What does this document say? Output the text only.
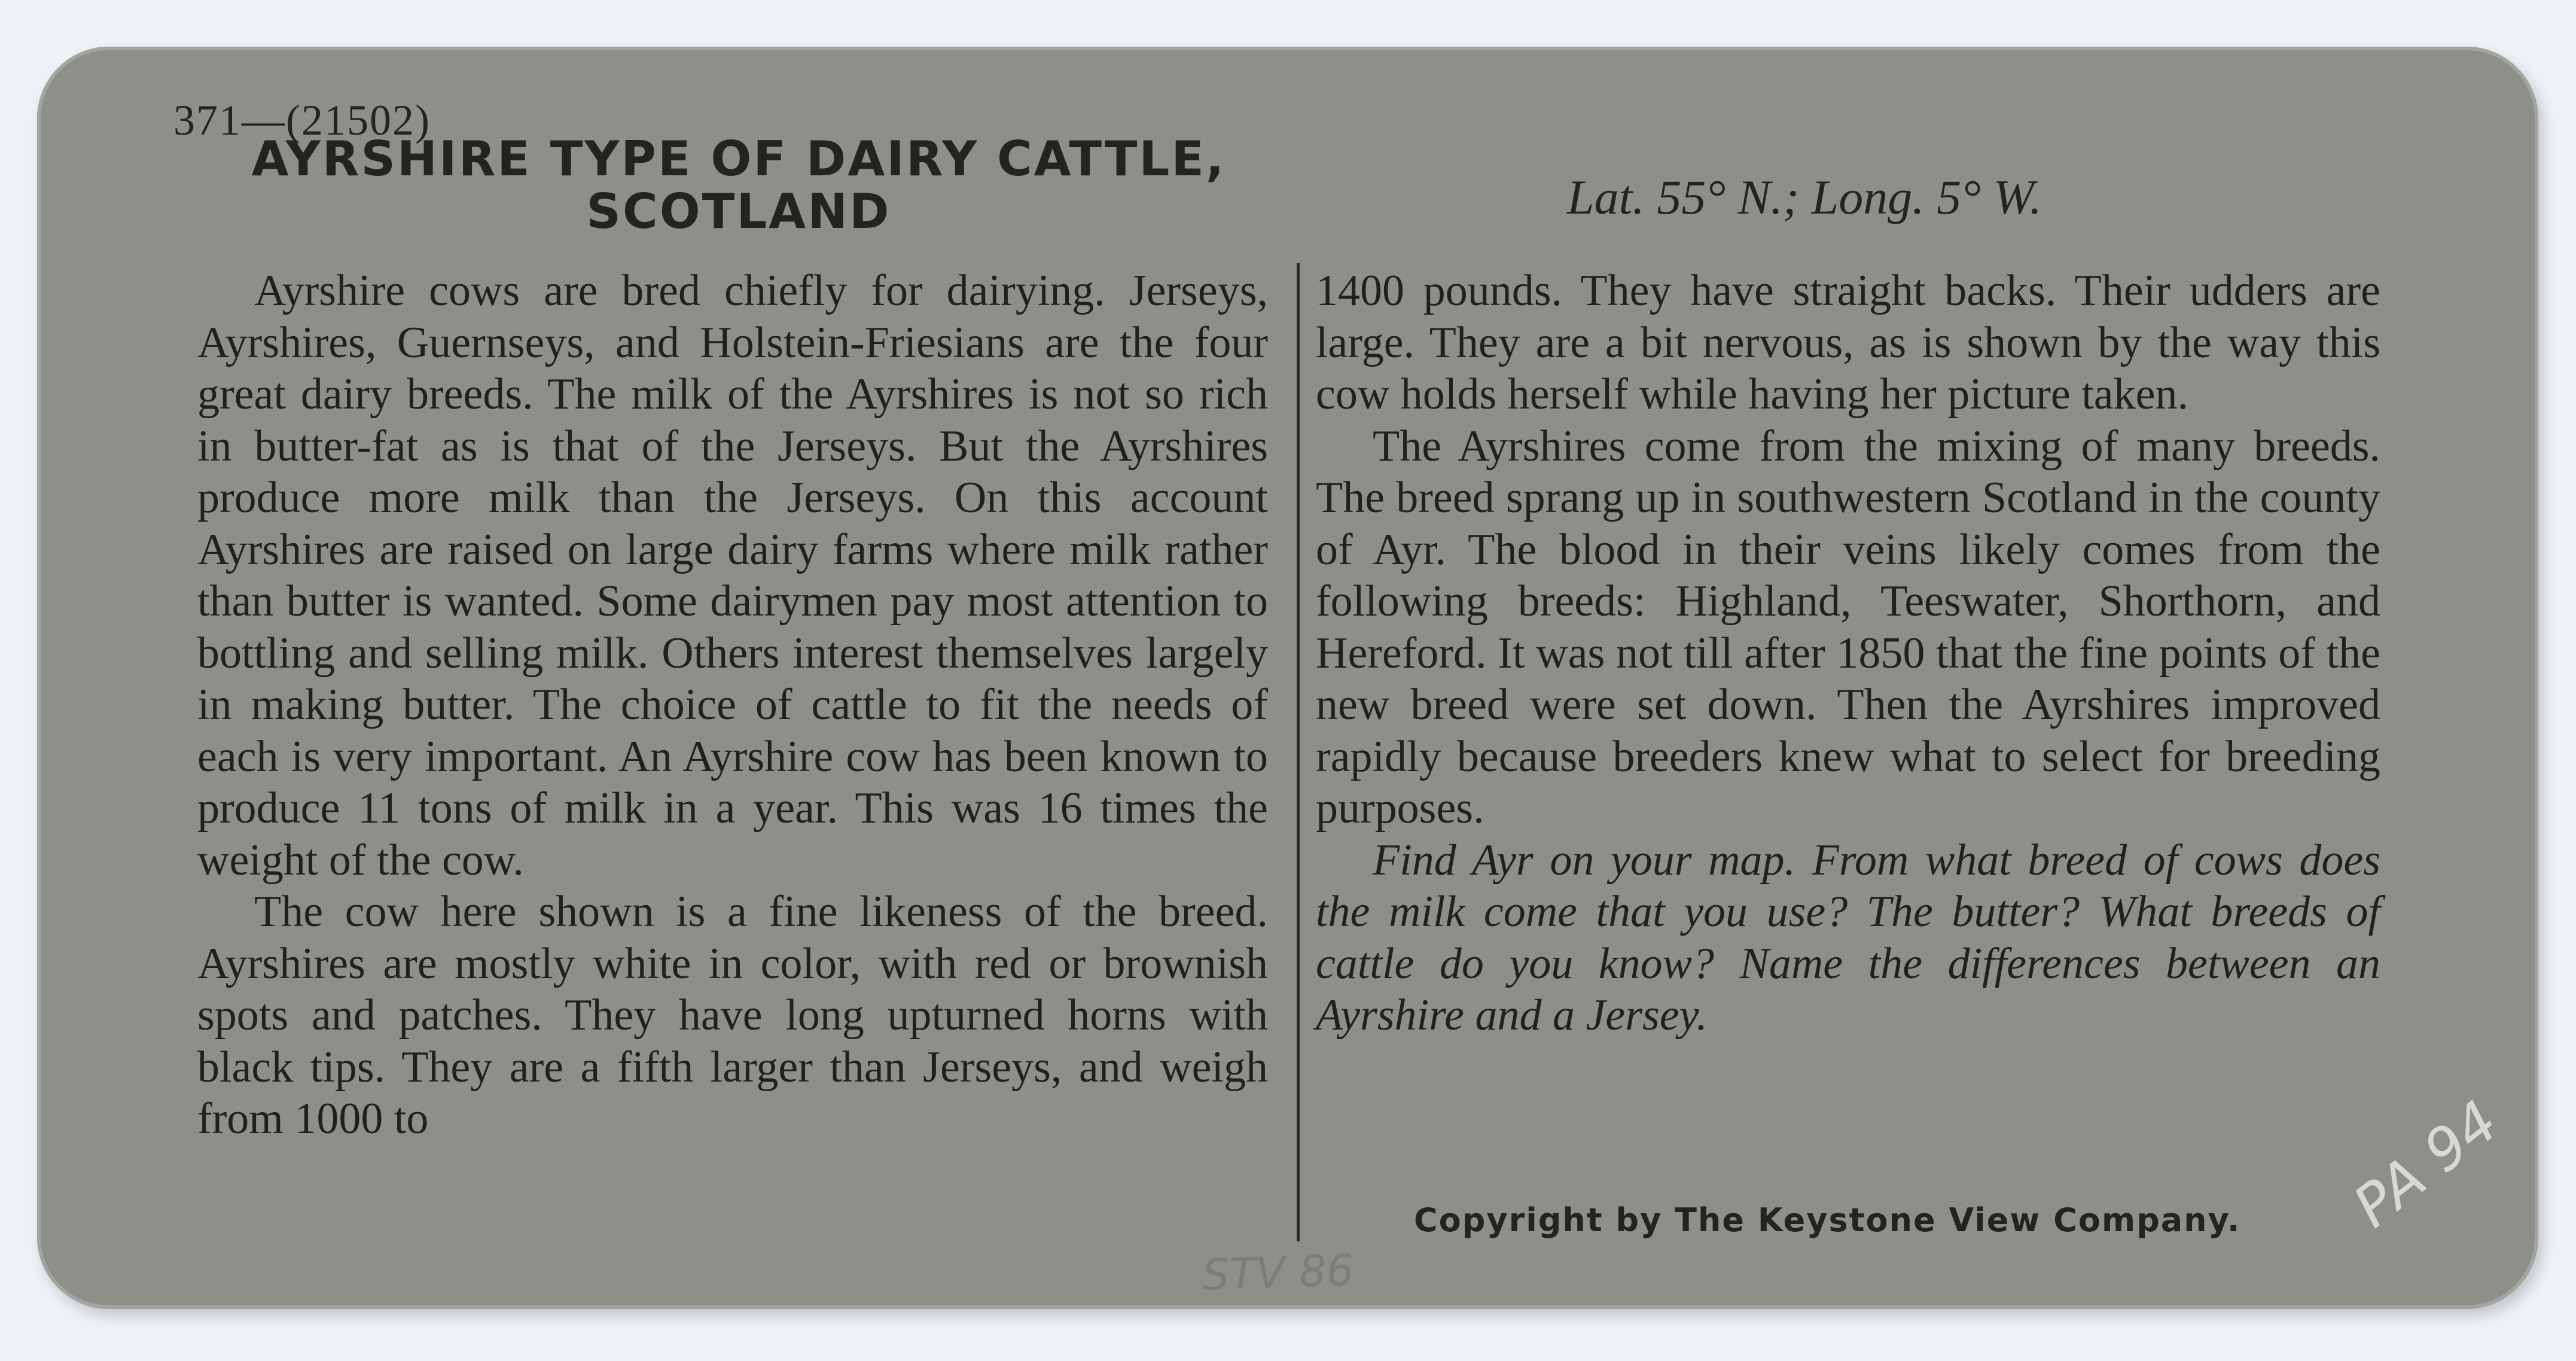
371—(21502)
AYRSHIRE TYPE OF DAIRY CATTLE,
SCOTLAND	Lat. 55° N.; Long. 5° W.

Ayrshire cows are bred chiefly for dairying. Jerseys, Ayrshires, Guernseys, and Holstein-Friesians are the four great dairy breeds. The milk of the Ayrshires is not so rich in butter-fat as is that of the Jerseys. But the Ayrshires produce more milk than the Jerseys. On this account Ayrshires are raised on large dairy farms where milk rather than butter is wanted. Some dairymen pay most attention to bottling and selling milk. Others interest themselves largely in making butter. The choice of cattle to fit the needs of each is very important. An Ayrshire cow has been known to produce 11 tons of milk in a year. This was 16 times the weight of the cow.

The cow here shown is a fine likeness of the breed. Ayrshires are mostly white in color, with red or brownish spots and patches. They have long upturned horns with black tips. They are a fifth larger than Jerseys, and weigh from 1000 to

1400 pounds. They have straight backs. Their udders are large. They are a bit nervous, as is shown by the way this cow holds herself while having her picture taken.

The Ayrshires come from the mixing of many breeds. The breed sprang up in southwestern Scotland in the county of Ayr. The blood in their veins likely comes from the following breeds: Highland, Teeswater, Shorthorn, and Hereford. It was not till after 1850 that the fine points of the new breed were set down. Then the Ayrshires improved rapidly because breeders knew what to select for breeding purposes.

Find Ayr on your map. From what breed of cows does the milk come that you use? The butter? What breeds of cattle do you know? Name the differences between an Ayrshire and a Jersey.

Copyright by The Keystone View Company.
STV 86
PA 94
